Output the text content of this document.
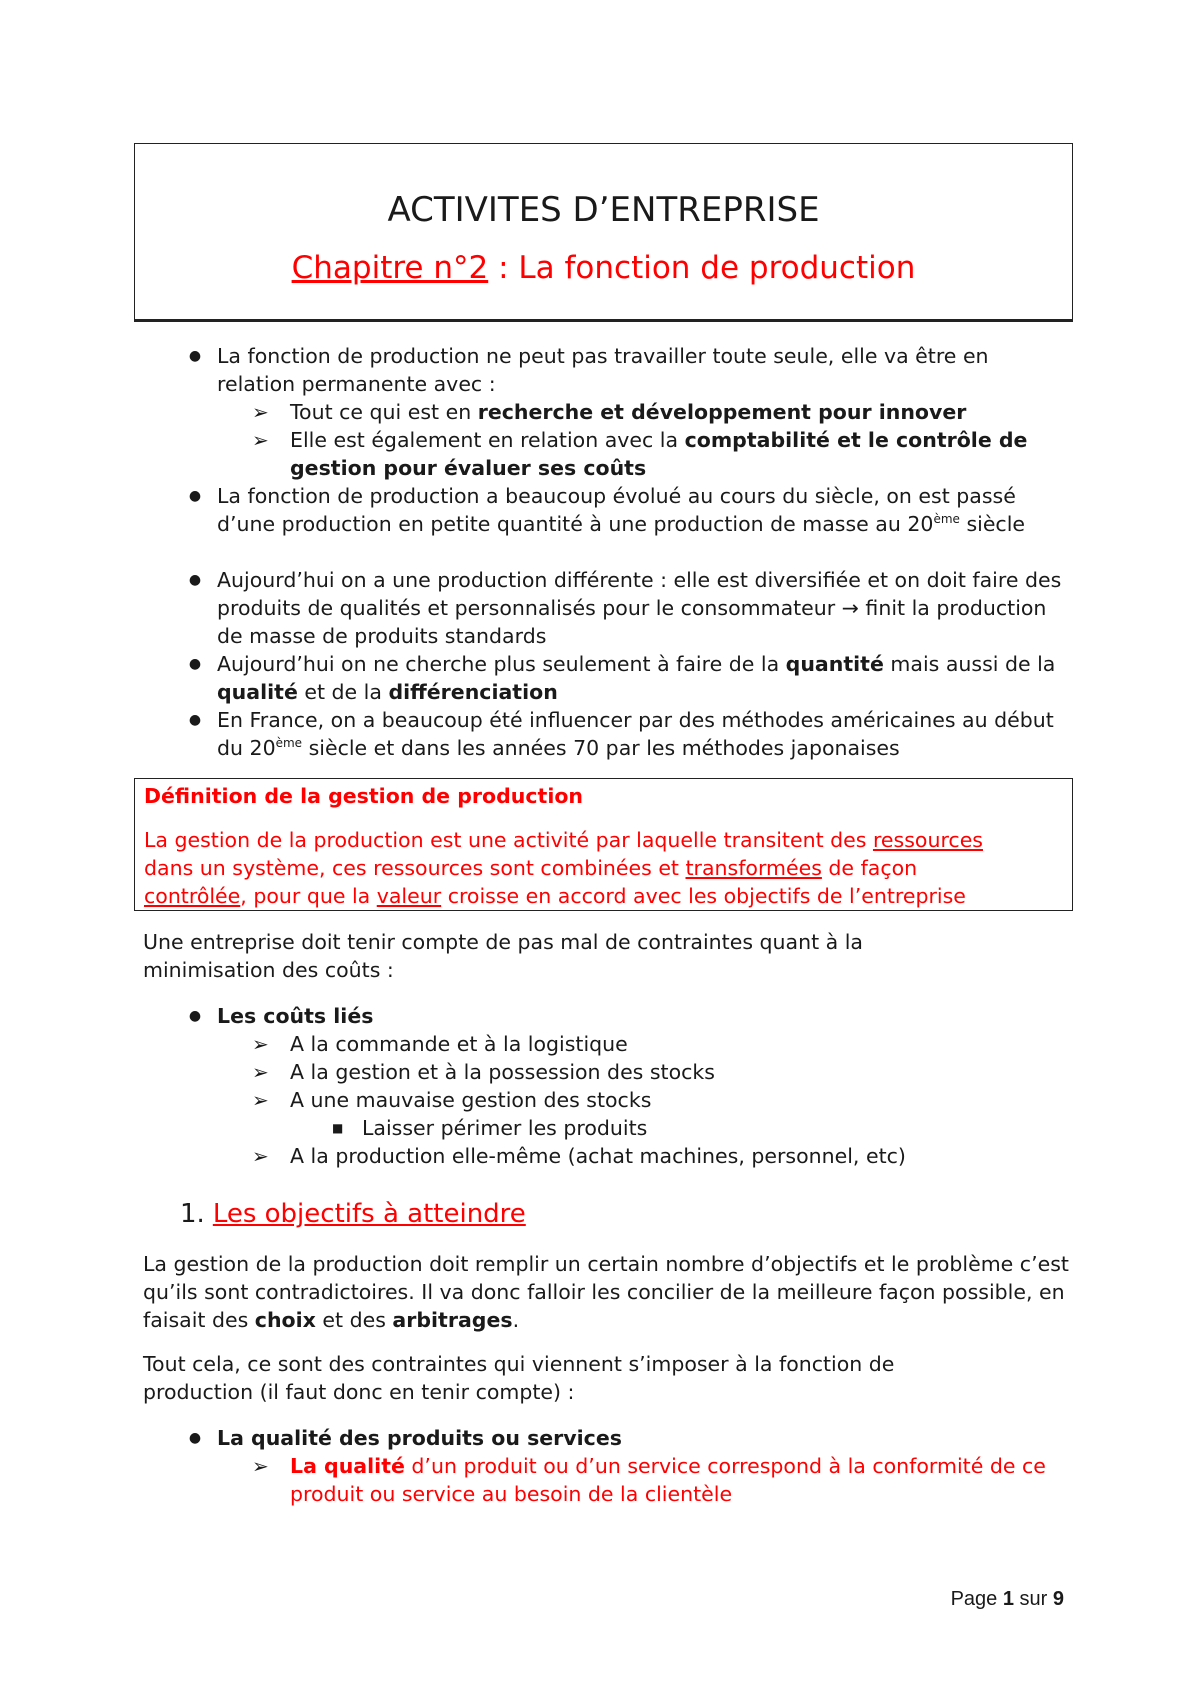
ACTIVITES D’ENTREPRISE
Chapitre n°2 : La fonction de production
● La fonction de production ne peut pas travailler toute seule, elle va être en relation permanente avec :
➢ Tout ce qui est en recherche et développement pour innover
➢ Elle est également en relation avec la comptabilité et le contrôle de gestion pour évaluer ses coûts
● La fonction de production a beaucoup évolué au cours du siècle, on est passé d’une production en petite quantité à une production de masse au 20ème siècle
● Aujourd’hui on a une production différente : elle est diversifiée et on doit faire des produits de qualités et personnalisés pour le consommateur → finit la production de masse de produits standards
● Aujourd’hui on ne cherche plus seulement à faire de la quantité mais aussi de la qualité et de la différenciation
● En France, on a beaucoup été influencer par des méthodes américaines au début du 20ème siècle et dans les années 70 par les méthodes japonaises
Définition de la gestion de production
La gestion de la production est une activité par laquelle transitent des ressources
dans un système, ces ressources sont combinées et transformées de façon
contrôlée, pour que la valeur croisse en accord avec les objectifs de l’entreprise
Une entreprise doit tenir compte de pas mal de contraintes quant à la minimisation des coûts :
● Les coûts liés
➢ A la commande et à la logistique
➢ A la gestion et à la possession des stocks
➢ A une mauvaise gestion des stocks
■ Laisser périmer les produits
➢ A la production elle-même (achat machines, personnel, etc)
1. Les objectifs à atteindre
La gestion de la production doit remplir un certain nombre d’objectifs et le problème c’est qu’ils sont contradictoires. Il va donc falloir les concilier de la meilleure façon possible, en faisait des choix et des arbitrages.
Tout cela, ce sont des contraintes qui viennent s’imposer à la fonction de production (il faut donc en tenir compte) :
● La qualité des produits ou services
➢ La qualité d’un produit ou d’un service correspond à la conformité de ce produit ou service au besoin de la clientèle
Page 1 sur 9
